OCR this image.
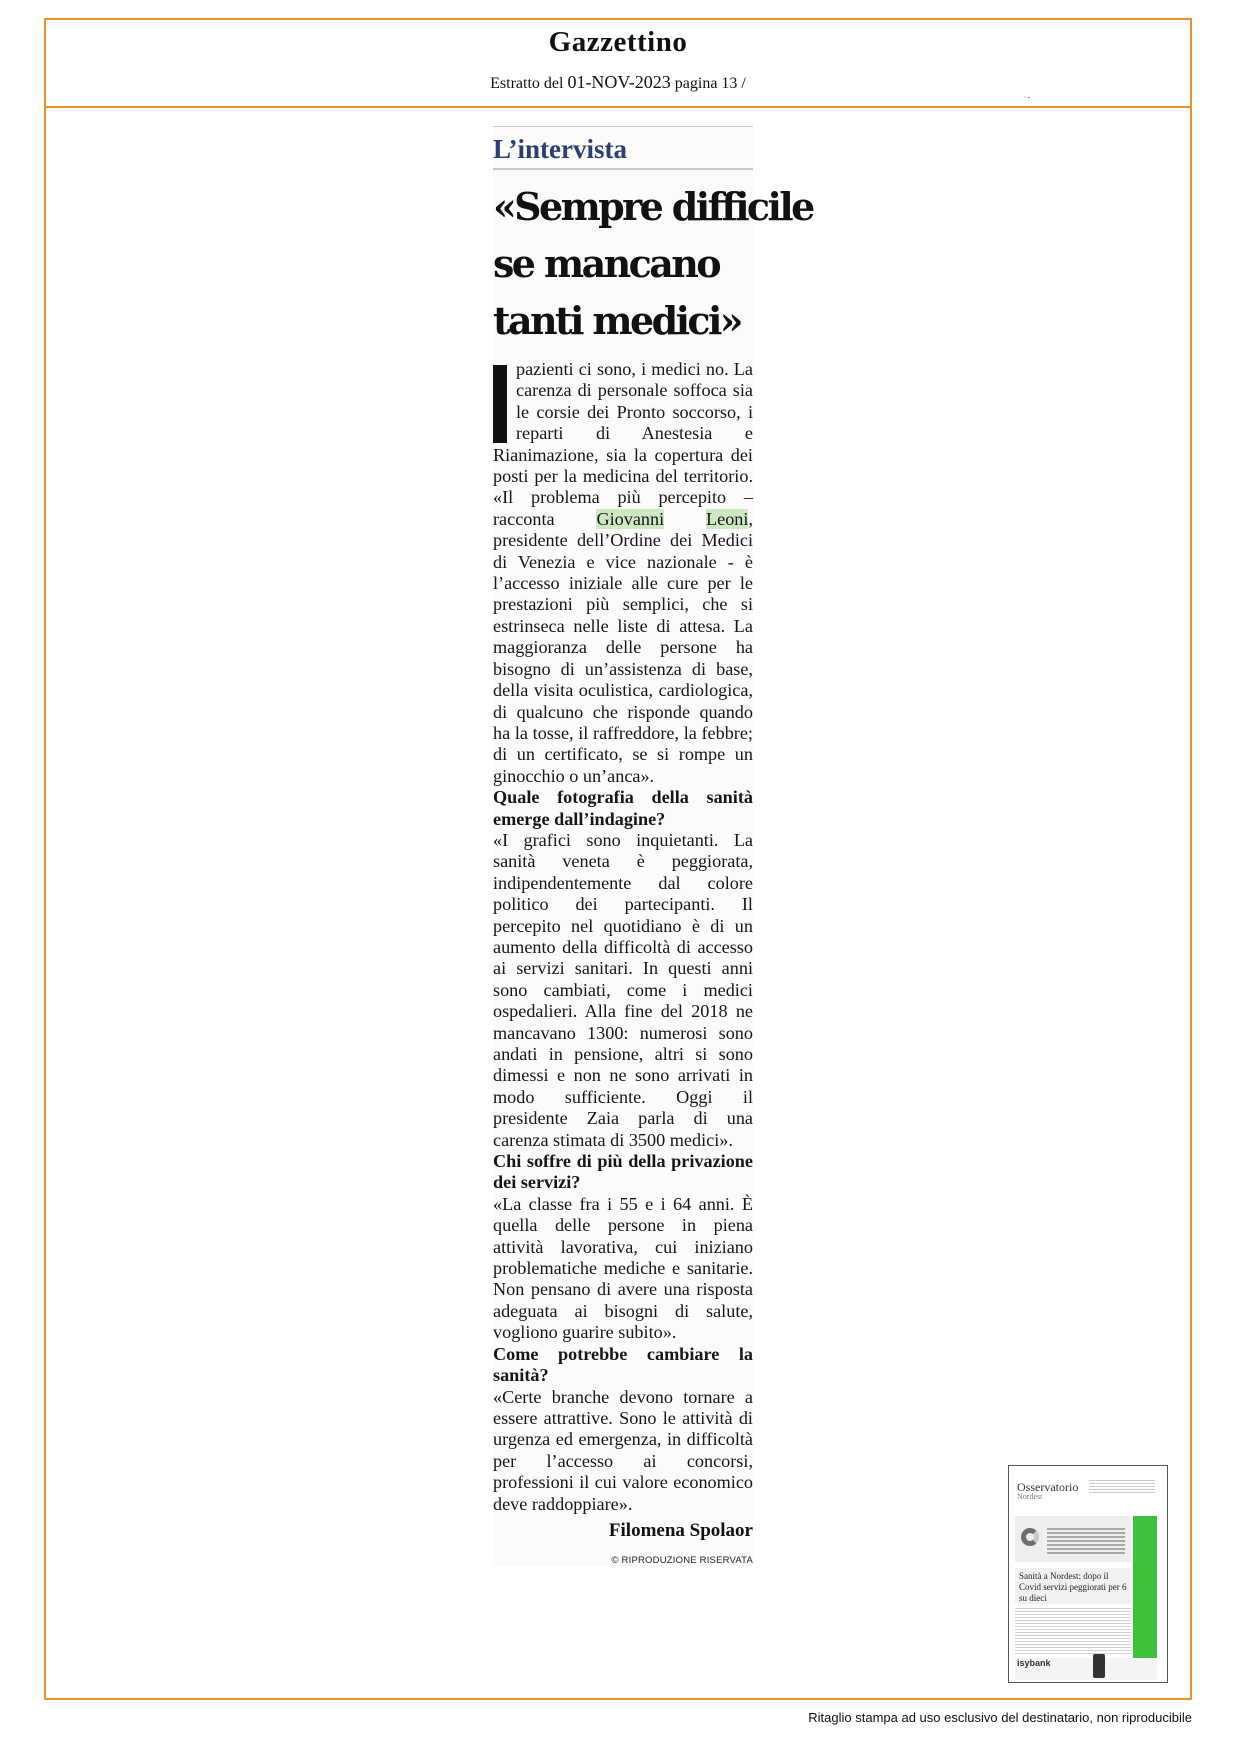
Gazzettino
Estratto del 01-NOV-2023 pagina 13 /
˙ˉ
L’intervista
«Sempre difficile
se mancano
tanti medici»

pazienti ci sono, i medici no. La carenza di personale soffoca sia le corsie dei Pronto soccorso, i reparti di Anestesia e Rianimazione, sia la copertura dei posti per la medicina del territorio. «Il problema più percepito – racconta Giovanni Leoni, presidente dell’Ordine dei Medici di Venezia e vice nazionale - è l’accesso iniziale alle cure per le prestazioni più semplici, che si estrinseca nelle liste di attesa. La maggioranza delle persone ha bisogno di un’assistenza di base, della visita oculistica, cardiologica, di qualcuno che risponde quando ha la tosse, il raffreddore, la febbre; di un certificato, se si rompe un ginocchio o un’anca».

Quale fotografia della sanità emerge dall’indagine?

«I grafici sono inquietanti. La sanità veneta è peggiorata, indipendentemente dal colore politico dei partecipanti. Il percepito nel quotidiano è di un aumento della difficoltà di accesso ai servizi sanitari. In questi anni sono cambiati, come i medici ospedalieri. Alla fine del 2018 ne mancavano 1300: numerosi sono andati in pensione, altri si sono dimessi e non ne sono arrivati in modo sufficiente. Oggi il presidente Zaia parla di una carenza stimata di 3500 medici».

Chi soffre di più della privazione dei servizi?

«La classe fra i 55 e i 64 anni. È quella delle persone in piena attività lavorativa, cui iniziano problematiche mediche e sanitarie. Non pensano di avere una risposta adeguata ai bisogni di salute, vogliono guarire subito».

Come potrebbe cambiare la sanità?

«Certe branche devono tornare a essere attrattive. Sono le attività di urgenza ed emergenza, in difficoltà per l’accesso ai concorsi, professioni il cui valore economico deve raddoppiare».

Filomena Spolaor
© RIPRODUZIONE RISERVATA
Osservatorio
Nordest
Sanità a Nordest: dopo il Covid servizi peggiorati per 6 su dieci
isybank
Ritaglio stampa ad uso esclusivo del destinatario, non riproducibile
